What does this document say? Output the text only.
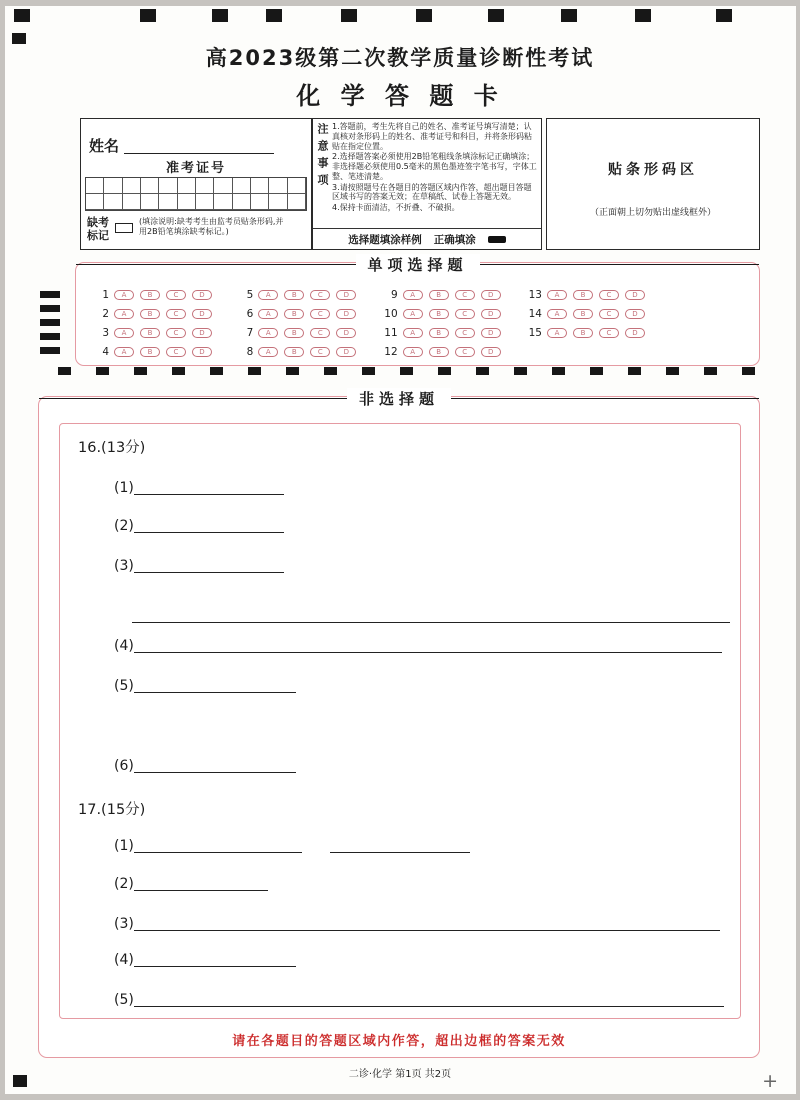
高2023级第二次教学质量诊断性考试
化 学 答 题 卡
姓名
准考证号
缺考
标记
(填涂说明:缺考考生由监考员贴条形码,并用2B铅笔填涂缺考标记。)
注意事项 1.答题前，考生先将自己的姓名、准考证号填写清楚；认真核对条形码上的姓名、准考证号和科目，并将条形码粘贴在指定位置。

2.选择题答案必须使用2B铅笔粗线条填涂标记正确填涂；非选择题必须使用0.5毫米的黑色墨迹签字笔书写，字体工整、笔迹清楚。

3.请按照题号在各题目的答题区域内作答，超出题目答题区域书写的答案无效；在草稿纸、试卷上答题无效。

4.保持卡面清洁，不折叠、不破损。

选择题填涂样例 正确填涂
贴条形码区
（正面朝上切勿贴出虚线框外）
单项选择题
1	A	B	C	D
2	A	B	C	D
3	A	B	C	D
4	A	B	C	D
5	A	B	C	D
6	A	B	C	D
7	A	B	C	D
8	A	B	C	D
9	A	B	C	D
10	A	B	C	D
11	A	B	C	D
12	A	B	C	D
13	A	B	C	D
14	A	B	C	D
15	A	B	C	D
非选择题
16.(13分)
(1)
(2)
(3)
(4)
(5)
(6)
17.(15分)
(1)
(2)
(3)
(4)
(5)
请在各题目的答题区域内作答，超出边框的答案无效
二诊·化学 第1页 共2页	+
